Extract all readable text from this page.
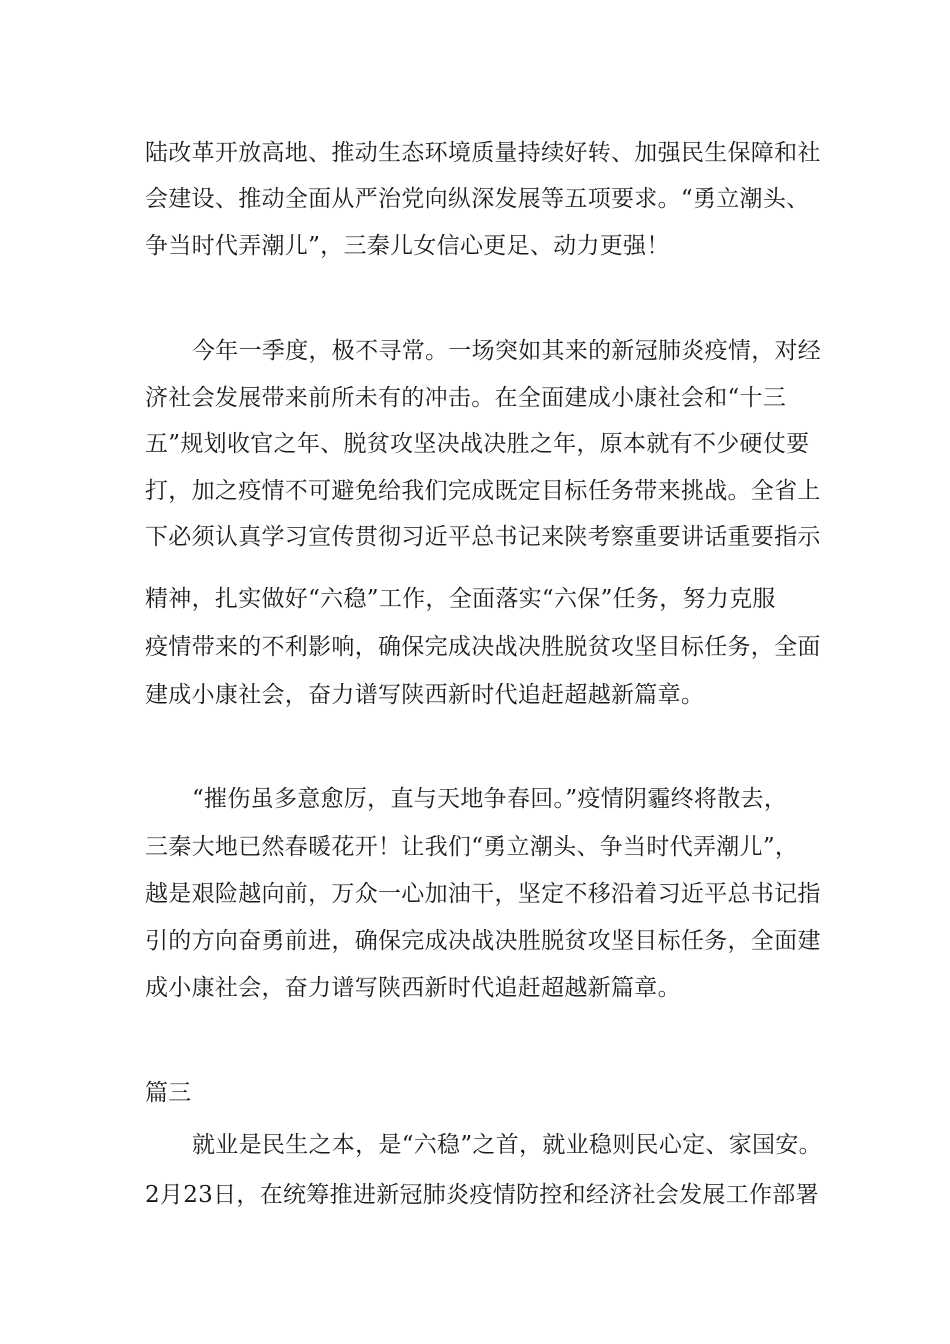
陆改革开放高地、推动生态环境质量持续好转、加强民生保障和社
会建设、推动全面从严治党向纵深发展等五项要求。“勇立潮头、
争当时代弄潮儿”，三秦儿女信心更足、动力更强！
今年一季度，极不寻常。一场突如其来的新冠肺炎疫情，对经
济社会发展带来前所未有的冲击。在全面建成小康社会和“十三
五”规划收官之年、脱贫攻坚决战决胜之年，原本就有不少硬仗要
打，加之疫情不可避免给我们完成既定目标任务带来挑战。全省上
下必须认真学习宣传贯彻习近平总书记来陕考察重要讲话重要指示
精神，扎实做好“六稳”工作，全面落实“六保”任务，努力克服
疫情带来的不利影响，确保完成决战决胜脱贫攻坚目标任务，全面
建成小康社会，奋力谱写陕西新时代追赶超越新篇章。
“摧伤虽多意愈厉，直与天地争春回。”疫情阴霾终将散去，
三秦大地已然春暖花开！让我们“勇立潮头、争当时代弄潮儿”，
越是艰险越向前，万众一心加油干，坚定不移沿着习近平总书记指
引的方向奋勇前进，确保完成决战决胜脱贫攻坚目标任务，全面建
成小康社会，奋力谱写陕西新时代追赶超越新篇章。
篇三
就业是民生之本，是“六稳”之首，就业稳则民心定、家国安。
2月23日，在统筹推进新冠肺炎疫情防控和经济社会发展工作部署
